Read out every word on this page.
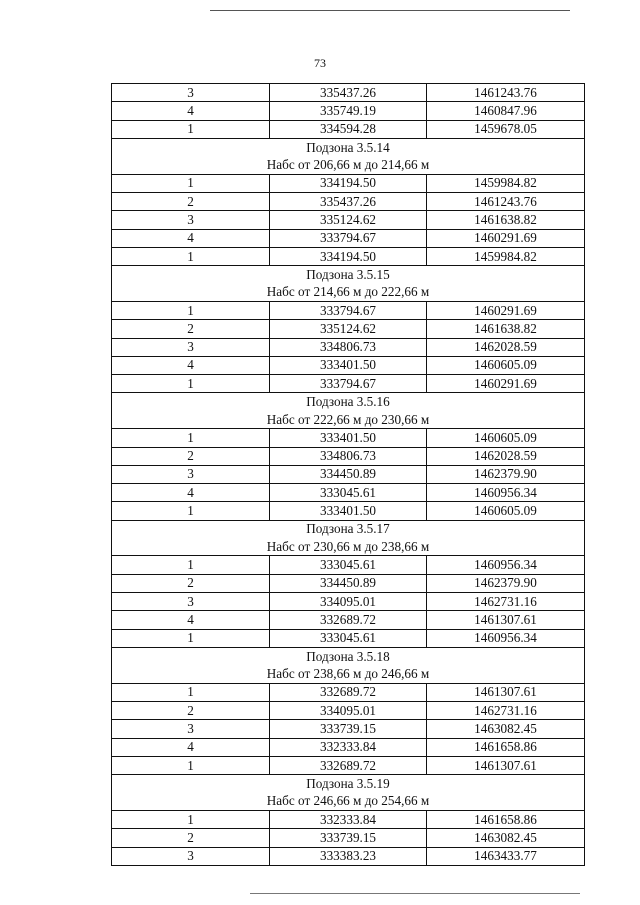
73
3	335437.26	1461243.76
4	335749.19	1460847.96
1	334594.28	1459678.05
Подзона 3.5.14		
Набс от 206,66 м до 214,66 м		
1	334194.50	1459984.82
2	335437.26	1461243.76
3	335124.62	1461638.82
4	333794.67	1460291.69
1	334194.50	1459984.82
Подзона 3.5.15		
Набс от 214,66 м до 222,66 м		
1	333794.67	1460291.69
2	335124.62	1461638.82
3	334806.73	1462028.59
4	333401.50	1460605.09
1	333794.67	1460291.69
Подзона 3.5.16		
Набс от 222,66 м до 230,66 м		
1	333401.50	1460605.09
2	334806.73	1462028.59
3	334450.89	1462379.90
4	333045.61	1460956.34
1	333401.50	1460605.09
Подзона 3.5.17		
Набс от 230,66 м до 238,66 м		
1	333045.61	1460956.34
2	334450.89	1462379.90
3	334095.01	1462731.16
4	332689.72	1461307.61
1	333045.61	1460956.34
Подзона 3.5.18		
Набс от 238,66 м до 246,66 м		
1	332689.72	1461307.61
2	334095.01	1462731.16
3	333739.15	1463082.45
4	332333.84	1461658.86
1	332689.72	1461307.61
Подзона 3.5.19		
Набс от 246,66 м до 254,66 м		
1	332333.84	1461658.86
2	333739.15	1463082.45
3	333383.23	1463433.77
